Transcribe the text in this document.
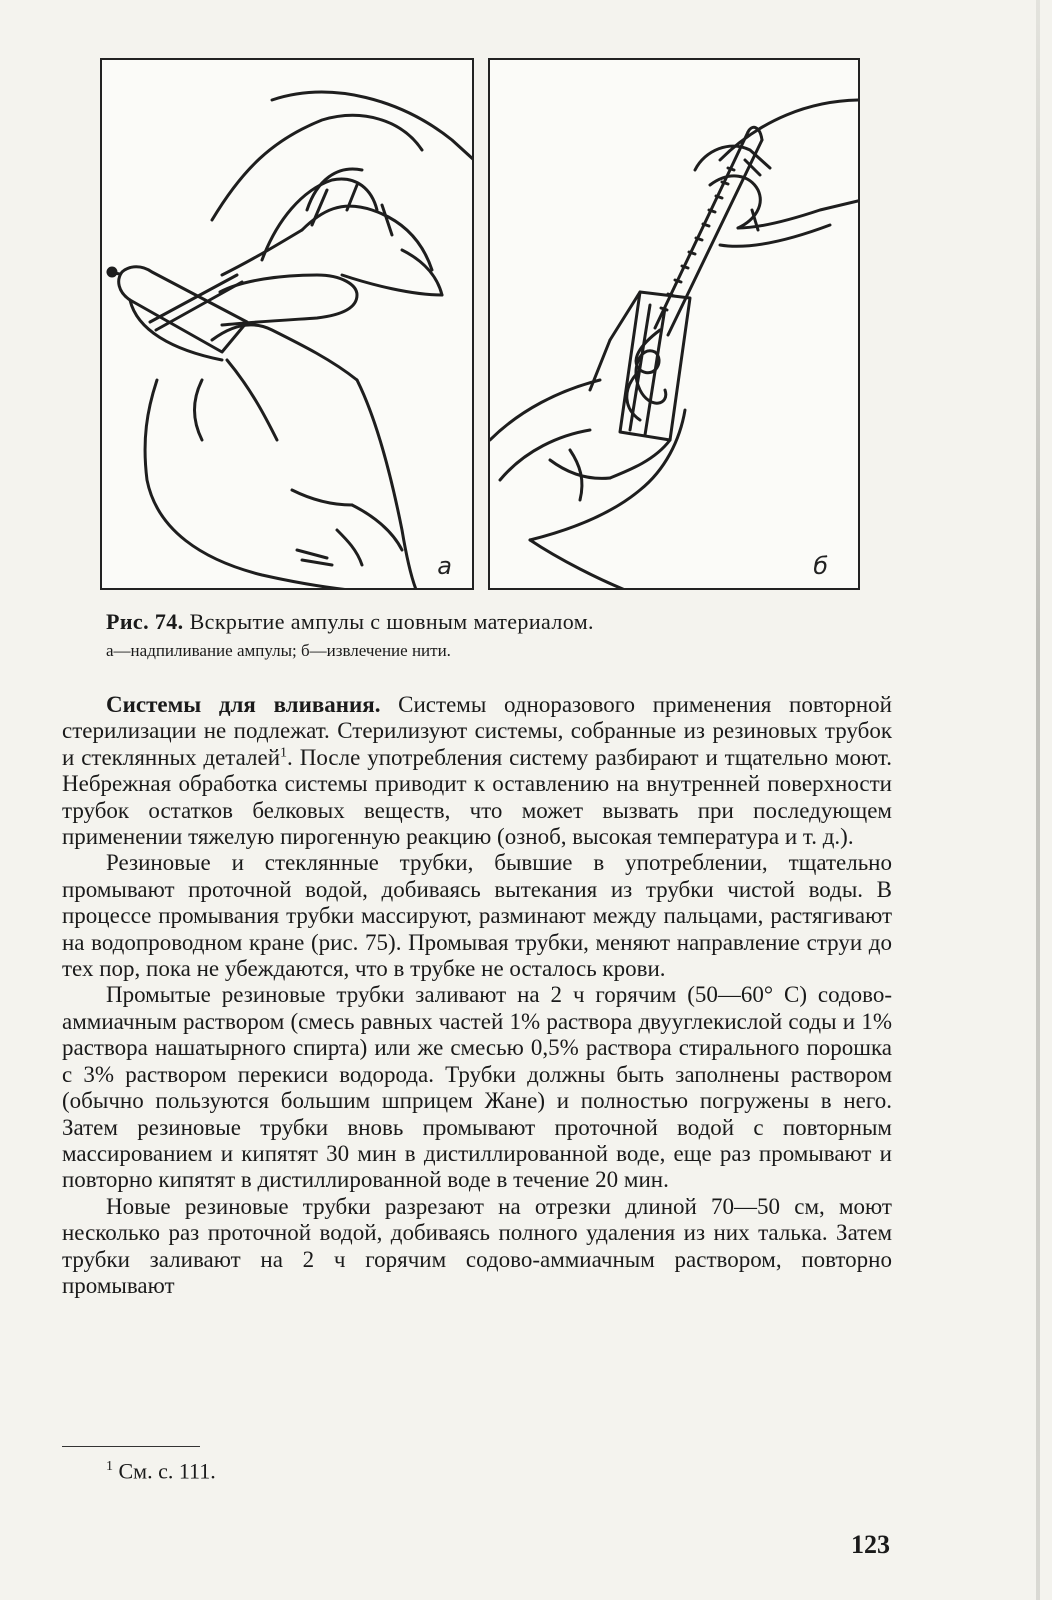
а	б
Рис. 74. Вскрытие ампулы с шовным материалом.
а—надпиливание ампулы; б—извлечение нити.

Системы для вливания. Системы одноразового применения повторной стерилизации не подлежат. Стерилизуют системы, собранные из резиновых трубок и стеклянных деталей$^1$. После употребления систему разбирают и тщательно моют. Небрежная обработка системы приводит к оставлению на внутренней поверхности трубок остатков белковых веществ, что может вызвать при последующем применении тяжелую пирогенную реакцию (озноб, высокая температура и т. д.).

Резиновые и стеклянные трубки, бывшие в употреблении, тщательно промывают проточной водой, добиваясь вытекания из трубки чистой воды. В процессе промывания трубки массируют, разминают между пальцами, растягивают на водопроводном кране (рис. 75). Промывая трубки, меняют направление струи до тех пор, пока не убеждаются, что в трубке не осталось крови.

Промытые резиновые трубки заливают на 2 ч горячим (50—60° С) содово-аммиачным раствором (смесь равных частей 1% раствора двууглекислой соды и 1% раствора нашатырного спирта) или же смесью 0,5% раствора стирального порошка с 3% раствором перекиси водорода. Трубки должны быть заполнены раствором (обычно пользуются большим шприцем Жане) и полностью погружены в него. Затем резиновые трубки вновь промывают проточной водой с повторным массированием и кипятят 30 мин в дистиллированной воде, еще раз промывают и повторно кипятят в дистиллированной воде в течение 20 мин.

Новые резиновые трубки разрезают на отрезки длиной 70—50 см, моют несколько раз проточной водой, добиваясь полного удаления из них талька. Затем трубки заливают на 2 ч горячим содово-аммиачным раствором, повторно промывают

$^1$ См. с. 111.
123
